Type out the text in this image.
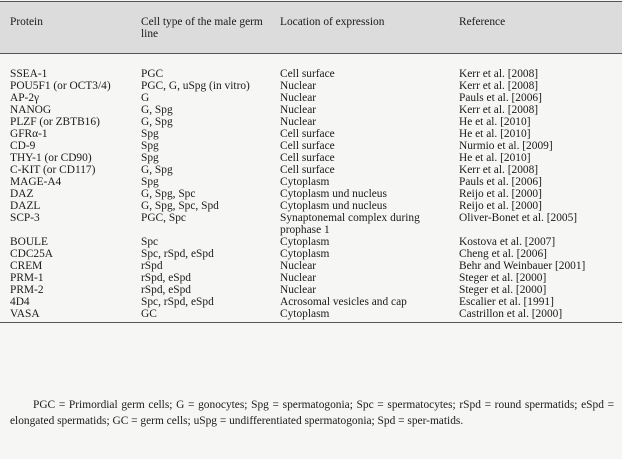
Protein	Cell type of the male germ line	Location of expression	Reference

SSEA-1	PGC	Cell surface	Kerr et al. [2008]
POU5F1 (or OCT3/4)	PGC, G, uSpg (in vitro)	Nuclear	Kerr et al. [2008]
AP-2γ	G	Nuclear	Pauls et al. [2006]
NANOG	G, Spg	Nuclear	Kerr et al. [2008]
PLZF (or ZBTB16)	G, Spg	Nuclear	He et al. [2010]
GFRα-1	Spg	Cell surface	He et al. [2010]
CD-9	Spg	Cell surface	Nurmio et al. [2009]
THY-1 (or CD90)	Spg	Cell surface	He et al. [2010]
C-KIT (or CD117)	G, Spg	Cell surface	Kerr et al. [2008]
MAGE-A4	Spg	Cytoplasm	Pauls et al. [2006]
DAZ	G, Spg, Spc	Cytoplasm und nucleus	Reijo et al. [2000]
DAZL	G, Spg, Spc, Spd	Cytoplasm und nucleus	Reijo et al. [2000]
SCP-3	PGC, Spc	Synaptonemal complex during prophase 1	Oliver-Bonet et al. [2005]
BOULE	Spc	Cytoplasm	Kostova et al. [2007]
CDC25A	Spc, rSpd, eSpd	Cytoplasm	Cheng et al. [2006]
CREM	rSpd	Nuclear	Behr and Weinbauer [2001]
PRM-1	rSpd, eSpd	Nuclear	Steger et al. [2000]
PRM-2	rSpd, eSpd	Nuclear	Steger et al. [2000]
4D4	Spc, rSpd, eSpd	Acrosomal vesicles and cap	Escalier et al. [1991]
VASA	GC	Cytoplasm	Castrillon et al. [2000]

PGC = Primordial germ cells; G = gonocytes; Spg = spermatogonia; Spc = spermatocytes; rSpd = round spermatids; eSpd = elongated spermatids; GC = germ cells; uSpg = undifferentiated spermatogonia; Spd = sper-matids.
